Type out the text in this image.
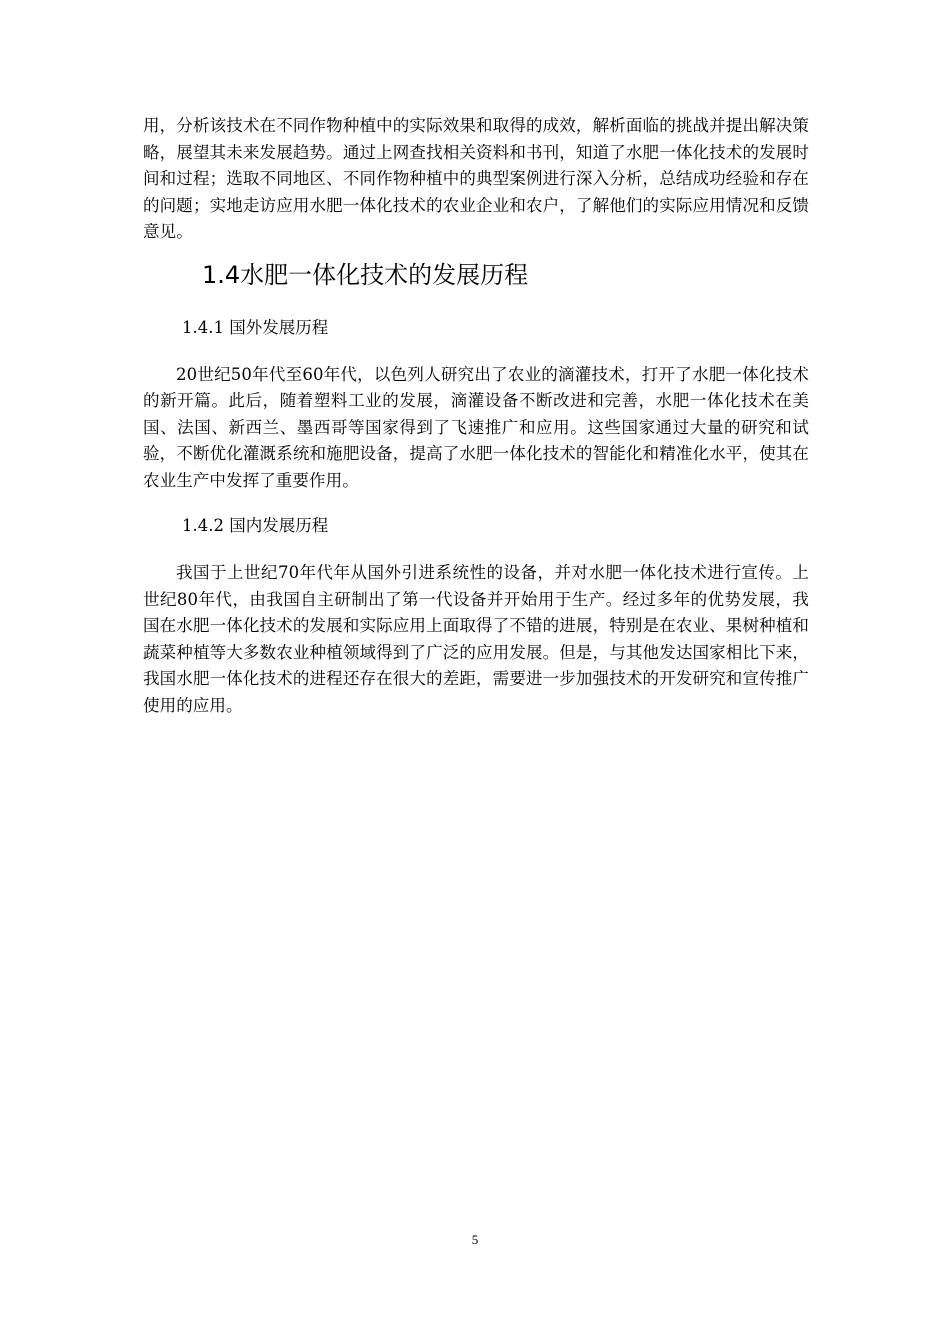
用，分析该技术在不同作物种植中的实际效果和取得的成效，解析面临的挑战并提出解决策略，展望其未来发展趋势。通过上网查找相关资料和书刊，知道了水肥一体化技术的发展时间和过程；选取不同地区、不同作物种植中的典型案例进行深入分析，总结成功经验和存在的问题；实地走访应用水肥一体化技术的农业企业和农户，了解他们的实际应用情况和反馈意见。

1.4水肥一体化技术的发展历程
1.4.1 国外发展历程

20世纪50年代至60年代，以色列人研究出了农业的滴灌技术，打开了水肥一体化技术的新开篇。此后，随着塑料工业的发展，滴灌设备不断改进和完善，水肥一体化技术在美国、法国、新西兰、墨西哥等国家得到了飞速推广和应用。这些国家通过大量的研究和试验，不断优化灌溉系统和施肥设备，提高了水肥一体化技术的智能化和精准化水平，使其在农业生产中发挥了重要作用。

1.4.2 国内发展历程

我国于上世纪70年代年从国外引进系统性的设备，并对水肥一体化技术进行宣传。上世纪80年代，由我国自主研制出了第一代设备并开始用于生产。经过多年的优势发展，我国在水肥一体化技术的发展和实际应用上面取得了不错的进展，特别是在农业、果树种植和蔬菜种植等大多数农业种植领域得到了广泛的应用发展。但是，与其他发达国家相比下来，我国水肥一体化技术的进程还存在很大的差距，需要进一步加强技术的开发研究和宣传推广使用的应用。

5
